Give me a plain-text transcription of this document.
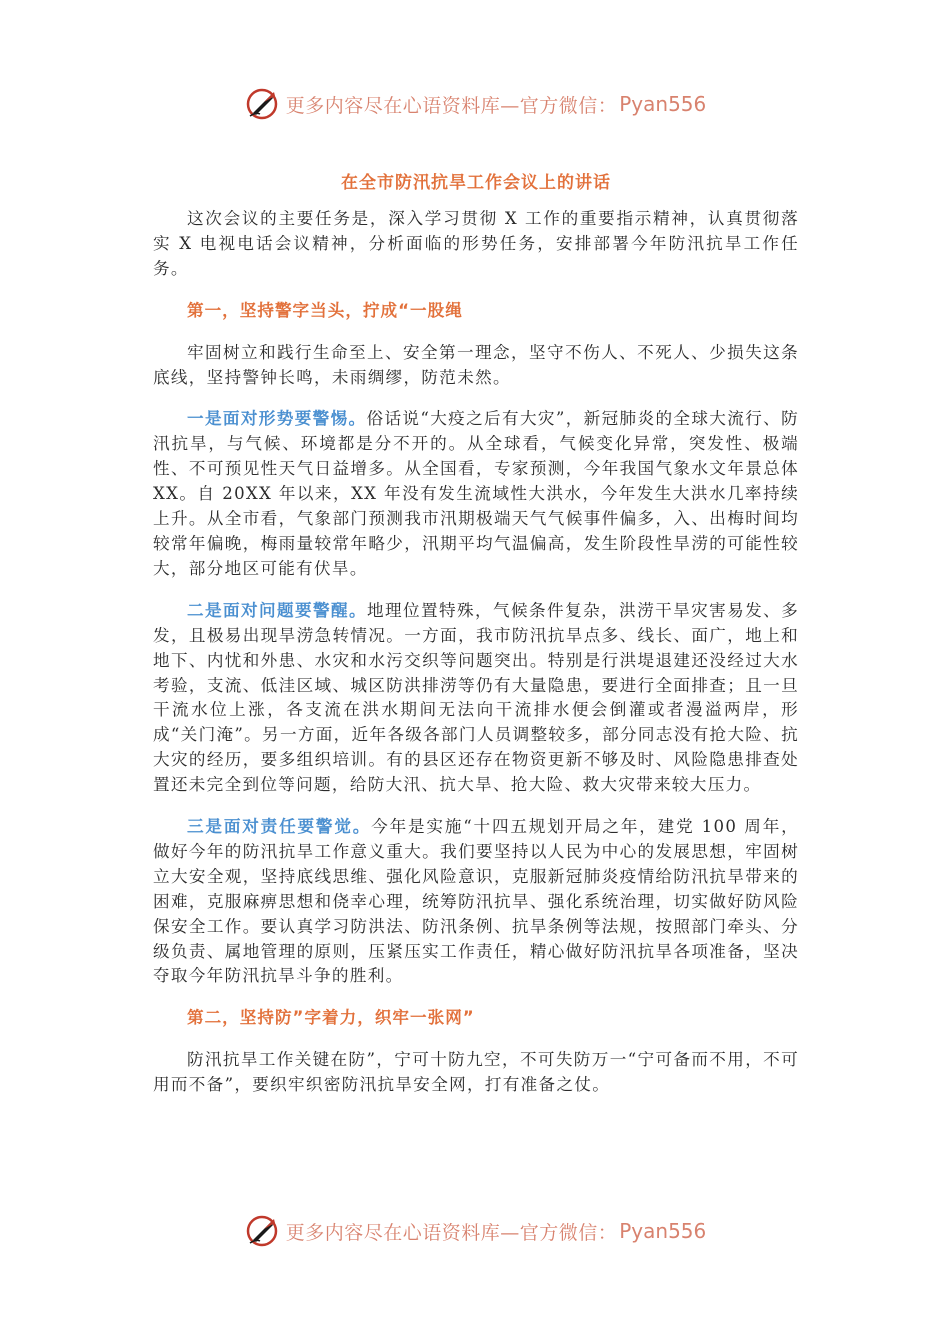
更多内容尽在心语资料库—官方微信： Pyan556
在全市防汛抗旱工作会议上的讲话

这次会议的主要任务是，深入学习贯彻 X 工作的重要指示精神，认真贯彻落实 X 电视电话会议精神，分析面临的形势任务，安排部署今年防汛抗旱工作任务。

第一，坚持警字当头，拧成“一股绳

牢固树立和践行生命至上、安全第一理念，坚守不伤人、不死人、少损失这条底线，坚持警钟长鸣，未雨绸缪，防范未然。

一是面对形势要警惕。俗话说“大疫之后有大灾”，新冠肺炎的全球大流行、防汛抗旱，与气候、环境都是分不开的。从全球看，气候变化异常，突发性、极端性、不可预见性天气日益增多。从全国看，专家预测，今年我国气象水文年景总体 XX。自 20XX 年以来，XX 年没有发生流域性大洪水，今年发生大洪水几率持续上升。从全市看，气象部门预测我市汛期极端天气气候事件偏多，入、出梅时间均较常年偏晚，梅雨量较常年略少，汛期平均气温偏高，发生阶段性旱涝的可能性较大，部分地区可能有伏旱。

二是面对问题要警醒。地理位置特殊，气候条件复杂，洪涝干旱灾害易发、多发，且极易出现旱涝急转情况。一方面，我市防汛抗旱点多、线长、面广，地上和地下、内忧和外患、水灾和水污交织等问题突出。特别是行洪堤退建还没经过大水考验，支流、低洼区域、城区防洪排涝等仍有大量隐患，要进行全面排查；且一旦干流水位上涨，各支流在洪水期间无法向干流排水便会倒灌或者漫溢两岸，形成“关门淹”。另一方面，近年各级各部门人员调整较多，部分同志没有抢大险、抗大灾的经历，要多组织培训。有的县区还存在物资更新不够及时、风险隐患排查处置还未完全到位等问题，给防大汛、抗大旱、抢大险、救大灾带来较大压力。

三是面对责任要警觉。今年是实施“十四五规划开局之年，建党 100 周年，做好今年的防汛抗旱工作意义重大。我们要坚持以人民为中心的发展思想，牢固树立大安全观，坚持底线思维、强化风险意识，克服新冠肺炎疫情给防汛抗旱带来的困难，克服麻痹思想和侥幸心理，统筹防汛抗旱、强化系统治理，切实做好防风险保安全工作。要认真学习防洪法、防汛条例、抗旱条例等法规，按照部门牵头、分级负责、属地管理的原则，压紧压实工作责任，精心做好防汛抗旱各项准备，坚决夺取今年防汛抗旱斗争的胜利。

第二，坚持防”字着力，织牢一张网”

防汛抗旱工作关键在防”，宁可十防九空，不可失防万一“宁可备而不用，不可用而不备”，要织牢织密防汛抗旱安全网，打有准备之仗。

更多内容尽在心语资料库—官方微信： Pyan556
